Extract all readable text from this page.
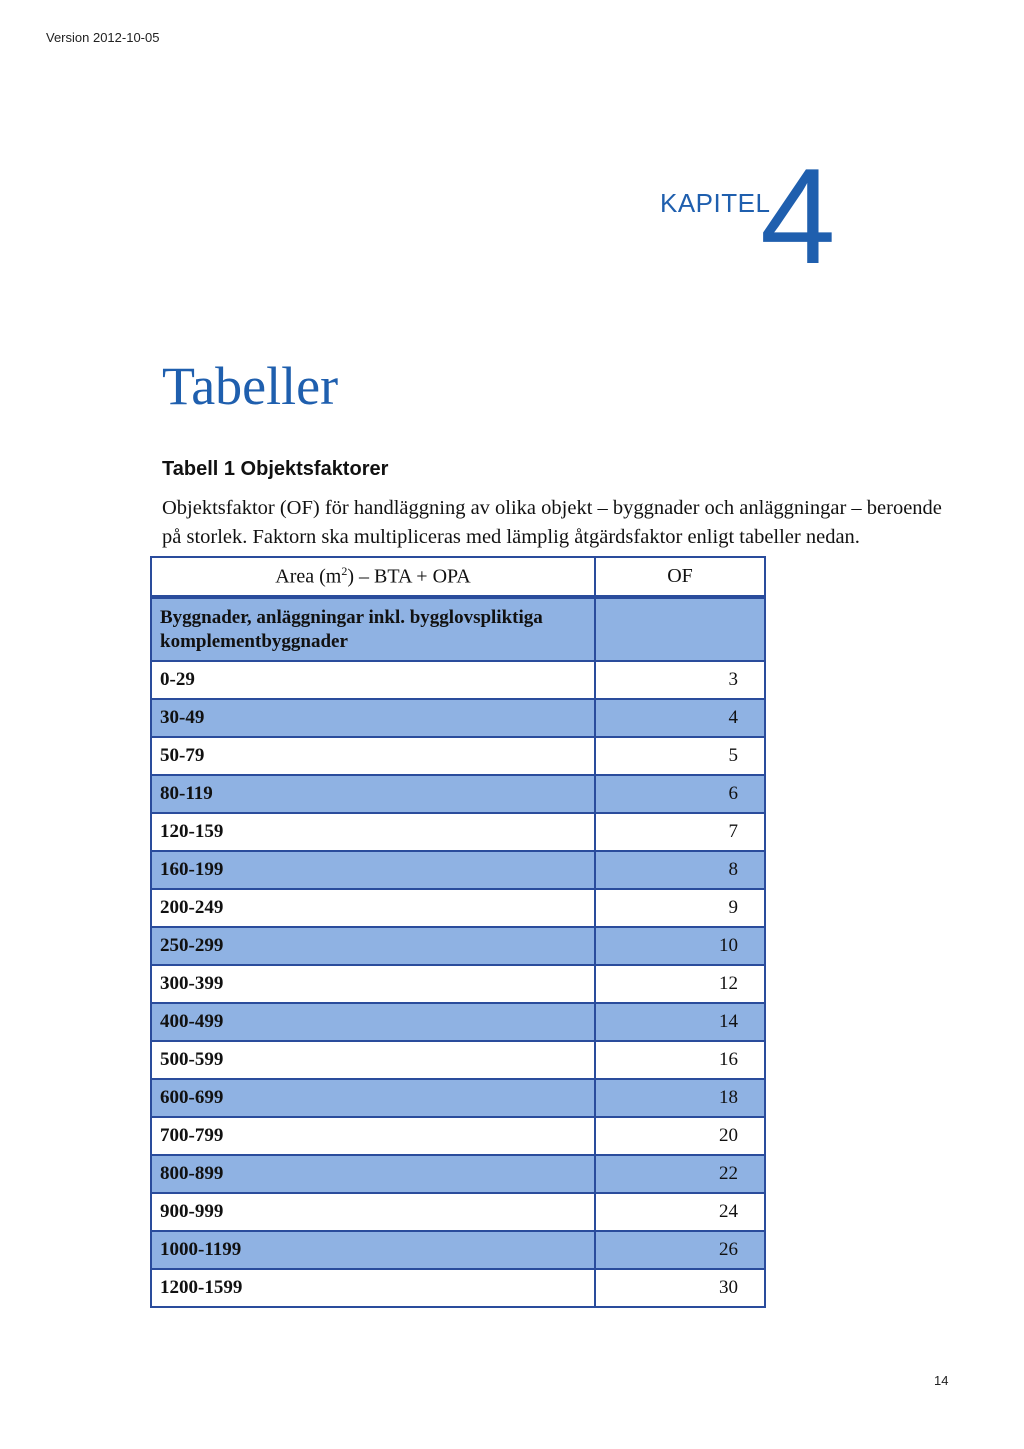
Version 2012-10-05
KAPITEL
4
Tabeller
Tabell 1 Objektsfaktorer

Objektsfaktor (OF) för handläggning av olika objekt – byggnader och anläggningar – beroende på storlek. Faktorn ska multipliceras med lämplig åtgärdsfaktor enligt tabeller nedan.

Area $(m^2)$ – BTA + OPA	OF
Byggnader, anläggningar inkl. bygglovspliktiga komplementbyggnader	
0-29	3
30-49	4
50-79	5
80-119	6
120-159	7
160-199	8
200-249	9
250-299	10
300-399	12
400-499	14
500-599	16
600-699	18
700-799	20
800-899	22
900-999	24
1000-1199	26
1200-1599	30
14
